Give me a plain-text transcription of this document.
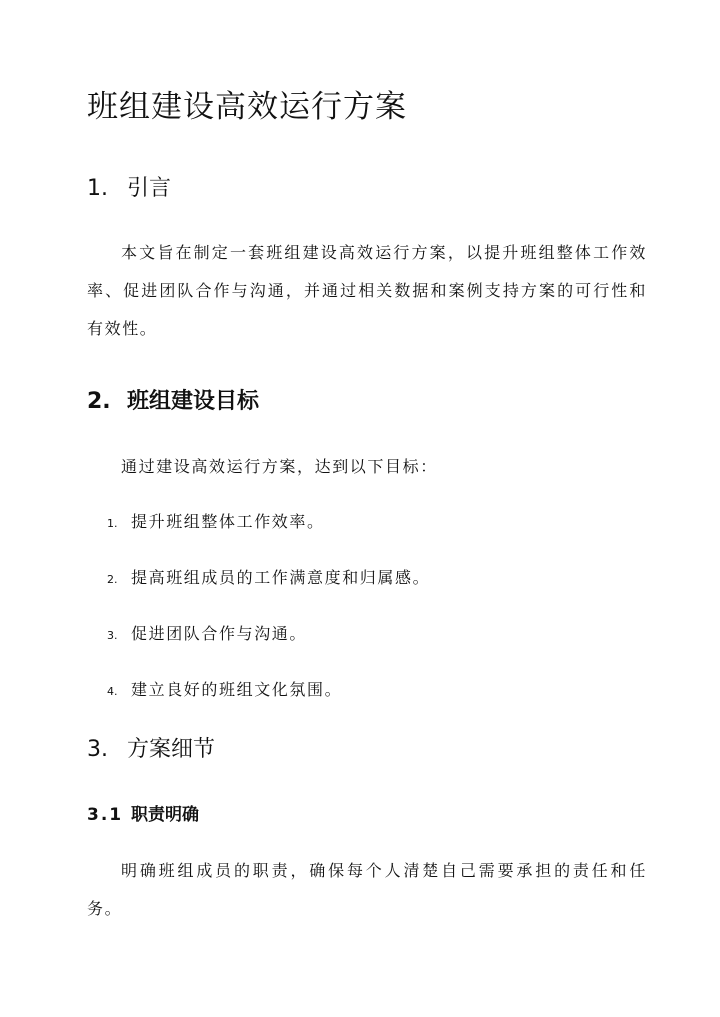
班组建设高效运行方案
1. 引言

本文旨在制定一套班组建设高效运行方案，以提升班组整体工作效率、促进团队合作与沟通，并通过相关数据和案例支持方案的可行性和有效性。

2. 班组建设目标

通过建设高效运行方案，达到以下目标：

1. 提升班组整体工作效率。

2. 提高班组成员的工作满意度和归属感。

3. 促进团队合作与沟通。

4. 建立良好的班组文化氛围。

3. 方案细节
3.1 职责明确

明确班组成员的职责，确保每个人清楚自己需要承担的责任和任务。
